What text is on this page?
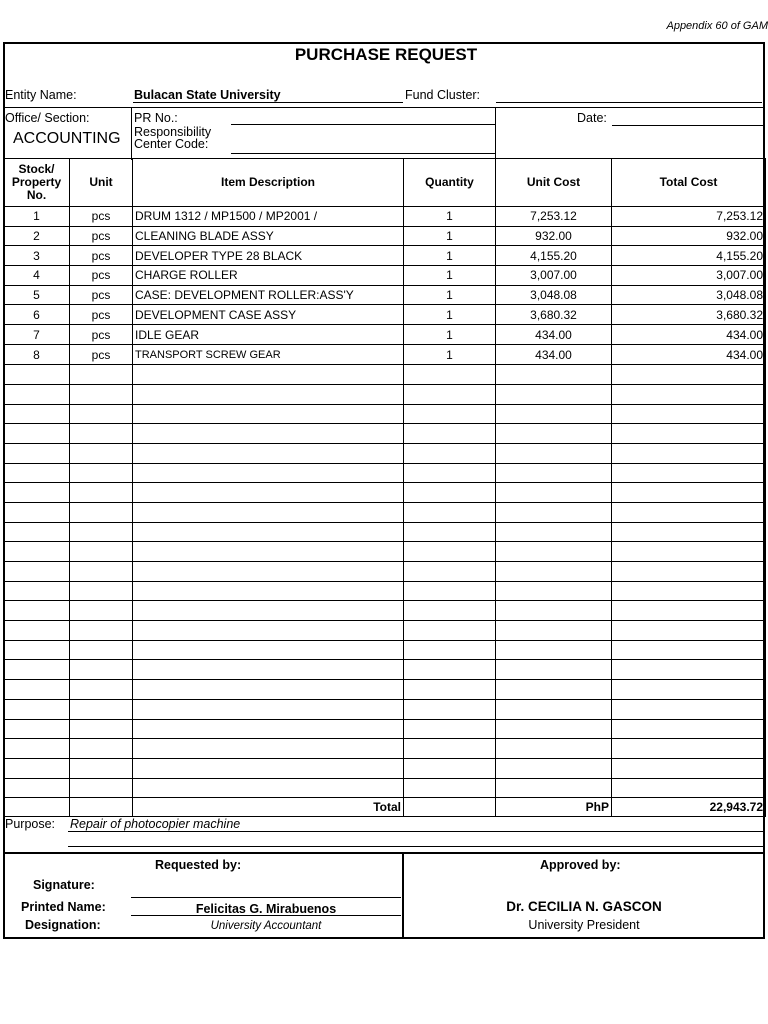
Appendix 60 of GAM
PURCHASE REQUEST
Entity Name:	Bulacan State University	Fund Cluster:
Office/ Section:
ACCOUNTING
PR No.:
Responsibility
Center Code:
Date:
Stock/ Property No.	Unit	Item Description	Quantity	Unit Cost	Total Cost
1	pcs	DRUM 1312 / MP1500 / MP2001 /	1	7,253.12	7,253.12
2	pcs	CLEANING BLADE ASSY	1	932.00	932.00
3	pcs	DEVELOPER TYPE 28 BLACK	1	4,155.20	4,155.20
4	pcs	CHARGE ROLLER	1	3,007.00	3,007.00
5	pcs	CASE: DEVELOPMENT ROLLER:ASS'Y	1	3,048.08	3,048.08
6	pcs	DEVELOPMENT CASE ASSY	1	3,680.32	3,680.32
7	pcs	IDLE GEAR	1	434.00	434.00
8	pcs	TRANSPORT SCREW GEAR	1	434.00	434.00

		Total		PhP	22,943.72
Purpose: Repair of photocopier machine
Requested by:	Approved by:
Signature:
Printed Name:	Felicitas G. Mirabuenos
Designation:	University Accountant
Dr. CECILIA N. GASCON
University President
